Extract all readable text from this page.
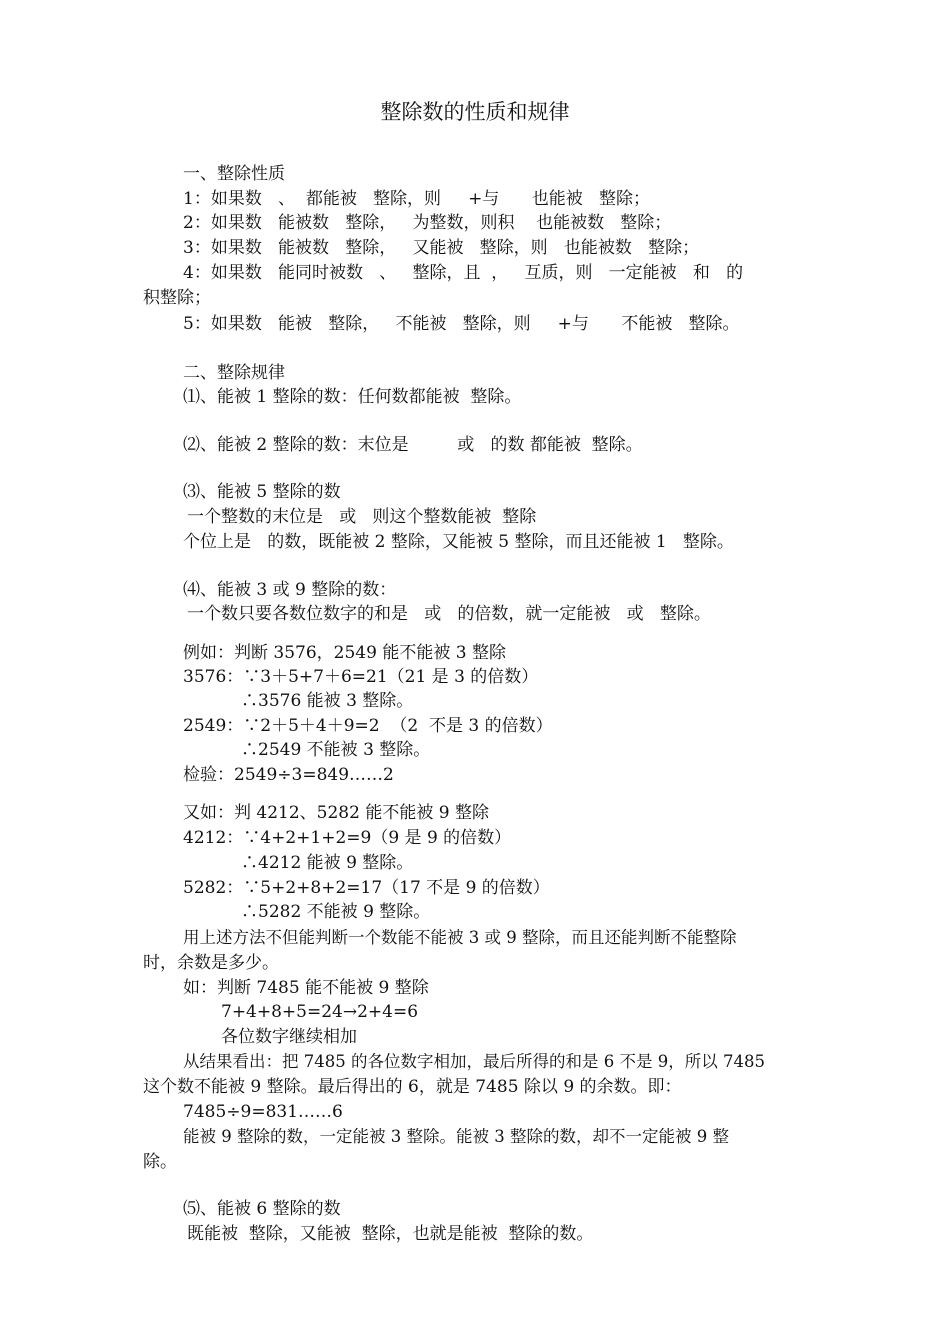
整除数的性质和规律
一、整除性质
1：如果数   、  都能被   整除，则     +与      也能被   整除；
2：如果数   能被数   整除，   为整数，则积    也能被数   整除；
3：如果数   能被数   整除，   又能被   整除，则   也能被数   整除；
4：如果数   能同时被数   、   整除，且  ，   互质，则   一定能被   和   的
积整除；
5：如果数   能被   整除，   不能被   整除，则     +与      不能被   整除。
二、整除规律
⑴、能被 1 整除的数：任何数都能被  整除。
⑵、能被 2 整除的数：末位是         或   的数 都能被  整除。
⑶、能被 5 整除的数
一个整数的末位是   或   则这个整数能被  整除
个位上是   的数，既能被 2 整除，又能被 5 整除，而且还能被 1   整除。
⑷、能被 3 或 9 整除的数：
一个数只要各数位数字的和是   或   的倍数，就一定能被   或   整除。
例如：判断 3576，2549 能不能被 3 整除
3576：∵3＋5+7＋6=21（21 是 3 的倍数）
∴3576 能被 3 整除。
2549：∵2＋5＋4＋9=2  （2  不是 3 的倍数）
∴2549 不能被 3 整除。
检验：2549÷3=849……2
又如：判 4212、5282 能不能被 9 整除
4212：∵4+2+1+2=9（9 是 9 的倍数）
∴4212 能被 9 整除。
5282：∵5+2+8+2=17（17 不是 9 的倍数）
∴5282 不能被 9 整除。
用上述方法不但能判断一个数能不能被 3 或 9 整除，而且还能判断不能整除
时，余数是多少。
如：判断 7485 能不能被 9 整除
7+4+8+5=24→2+4=6
各位数字继续相加
从结果看出：把 7485 的各位数字相加，最后所得的和是 6 不是 9，所以 7485
这个数不能被 9 整除。最后得出的 6，就是 7485 除以 9 的余数。即：
7485÷9=831……6
能被 9 整除的数，一定能被 3 整除。能被 3 整除的数，却不一定能被 9 整
除。
⑸、能被 6 整除的数
既能被  整除，又能被  整除，也就是能被  整除的数。
